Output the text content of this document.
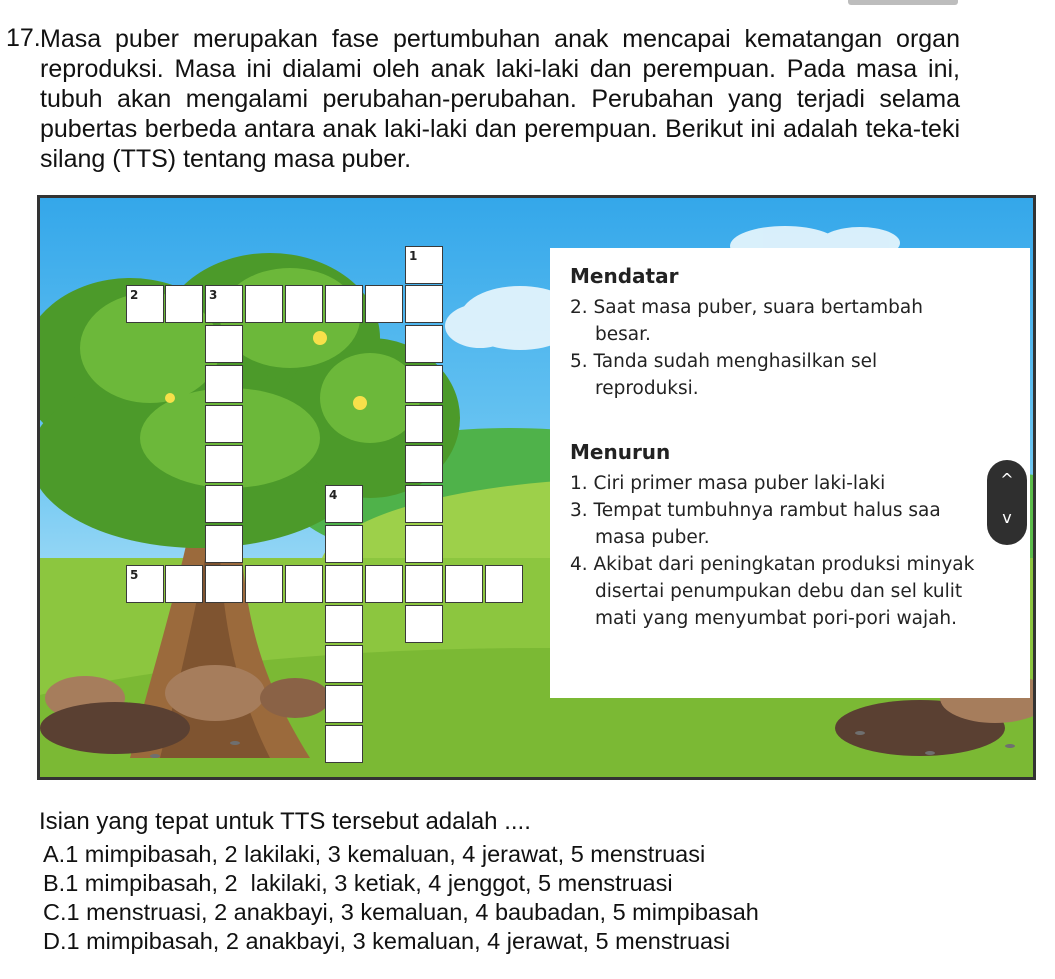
17. Masa puber merupakan fase pertumbuhan anak mencapai kematangan organ
reproduksi. Masa ini dialami oleh anak laki-laki dan perempuan. Pada masa ini,
tubuh akan mengalami perubahan-perubahan. Perubahan yang terjadi selama
pubertas berbeda antara anak laki-laki dan perempuan. Berikut ini adalah teka-teki
silang (TTS) tentang masa puber.
1
2	3
4
5
Mendatar
2. Saat masa puber, suara bertambah
besar.
5. Tanda sudah menghasilkan sel
reproduksi.
Menurun
1. Ciri primer masa puber laki-laki
3. Tempat tumbuhnya rambut halus saa
masa puber.
4. Akibat dari peningkatan produksi minyak
disertai penumpukan debu dan sel kulit
mati yang menyumbat pori-pori wajah.
^
v
Isian yang tepat untuk TTS tersebut adalah ....
A.1 mimpibasah, 2 lakilaki, 3 kemaluan, 4 jerawat, 5 menstruasi
B.1 mimpibasah, 2  lakilaki, 3 ketiak, 4 jenggot, 5 menstruasi
C.1 menstruasi, 2 anakbayi, 3 kemaluan, 4 baubadan, 5 mimpibasah
D.1 mimpibasah, 2 anakbayi, 3 kemaluan, 4 jerawat, 5 menstruasi
